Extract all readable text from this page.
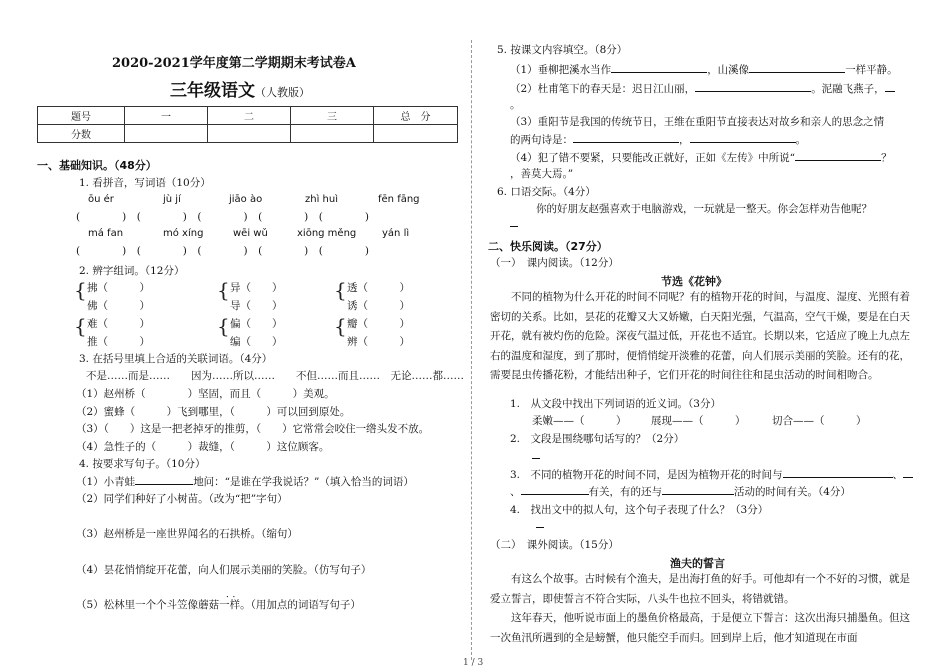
2020-2021学年度第二学期期末考试卷A
三年级语文（人教版）
题号	一	二	三	总　分
分数				
一、基础知识。（48分）
1. 看拼音，写词语（10分）
ōu ér	jù jí	jiāo ào	zhì huì	fēn fāng
(　　　　)　(　　　　)　(　　　　)　(　　　　)　(　　　　)
má fan	mó xíng	wēi wǔ	xiōng měng	yán lì
(　　　　)　(　　　　)　(　　　　)　(　　　　)　(　　　　)
2. 辨字组词。（12分）
{ 拂（　　　）
佛（　　　）
{ 异（　　）
导（　　）
{ 透（　　　）
诱（　　　）
{ 难（　　　）
推（　　　）
{ 偏（　　）
编（　　）
{ 瓣（　　　）
辨（　　　）
3. 在括号里填上合适的关联词语。（4分）
不是……而是……　　因为……所以……　　不但……而且……　无论……都……
（1）赵州桥（　　　　）坚固，而且（　　　）美观。
（2）蜜蜂（　　　）飞到哪里，（　　　）可以回到原处。
（3）（　　）这是一把老掉牙的推剪，（　　）它常常会咬住一绺头发不放。
（4）急性子的（　　　）裁缝，（　　　）这位顾客。
4. 按要求写句子。（10分）
（1）小青蛙	地问：“是谁在学我说话？”（填入恰当的词语）
（2）同学们种好了小树苗。（改为“把”字句）
（3）赵州桥是一座世界闻名的石拱桥。（缩句）
（4）昙花悄悄绽开花蕾，向人们展示美丽的笑脸。（仿写句子）
．．
（5）松林里一个个斗笠像蘑菇一样。（用加点的词语写句子）
5. 按课文内容填空。（8分）
（1）垂柳把溪水当作	，山溪像	一样平静。
（2）杜甫笔下的春天是：迟日江山丽，	。泥融飞燕子，
。
（3）重阳节是我国的传统节日，王维在重阳节直接表达对故乡和亲人的思念之情
的两句诗是：	，	。
（4）犯了错不要紧，只要能改正就好，正如《左传》中所说“	？
，善莫大焉。”
6. 口语交际。（4分）
你的好朋友赵强喜欢于电脑游戏，一玩就是一整天。你会怎样劝告他呢？
二、快乐阅读。（27分）
（一）　课内阅读。（12分）
节选《花钟》
不同的植物为什么开花的时间不同呢？有的植物开花的时间，与温度、湿度、光照有着密切的关系。比如，昙花的花瓣又大又娇嫩，白天阳光强，气温高，空气干燥，要是在白天开花，就有被灼伤的危险。深夜气温过低，开花也不适宜。长期以来，它适应了晚上九点左右的温度和湿度，到了那时，便悄悄绽开淡雅的花蕾，向人们展示美丽的笑脸。还有的花，需要昆虫传播花粉，才能结出种子，它们开花的时间往往和昆虫活动的时间相吻合。
1.　从文段中找出下列词语的近义词。（3分）
柔嫩——（　　　） 展现——（　　　）	切合——（　　　）
2.　文段是围绕哪句话写的？（2分）
3.　不同的植物开花的时间不同，是因为植物开花的时间与	、
、	有关，有的还与	活动的时间有关。（4分）
4.　找出文中的拟人句，这个句子表现了什么？（3分）
（二）　课外阅读。（15分）
渔夫的誓言
有这么个故事。古时候有个渔夫，是出海打鱼的好手。可他却有一个不好的习惯，就是爱立誓言，即使誓言不符合实际，八头牛也拉不回头，将错就错。
这年春天，他听说市面上的墨鱼价格最高，于是便立下誓言：这次出海只捕墨鱼。但这一次鱼汛所遇到的全是螃蟹，他只能空手而归。回到岸上后，他才知道现在市面
1 / 3
